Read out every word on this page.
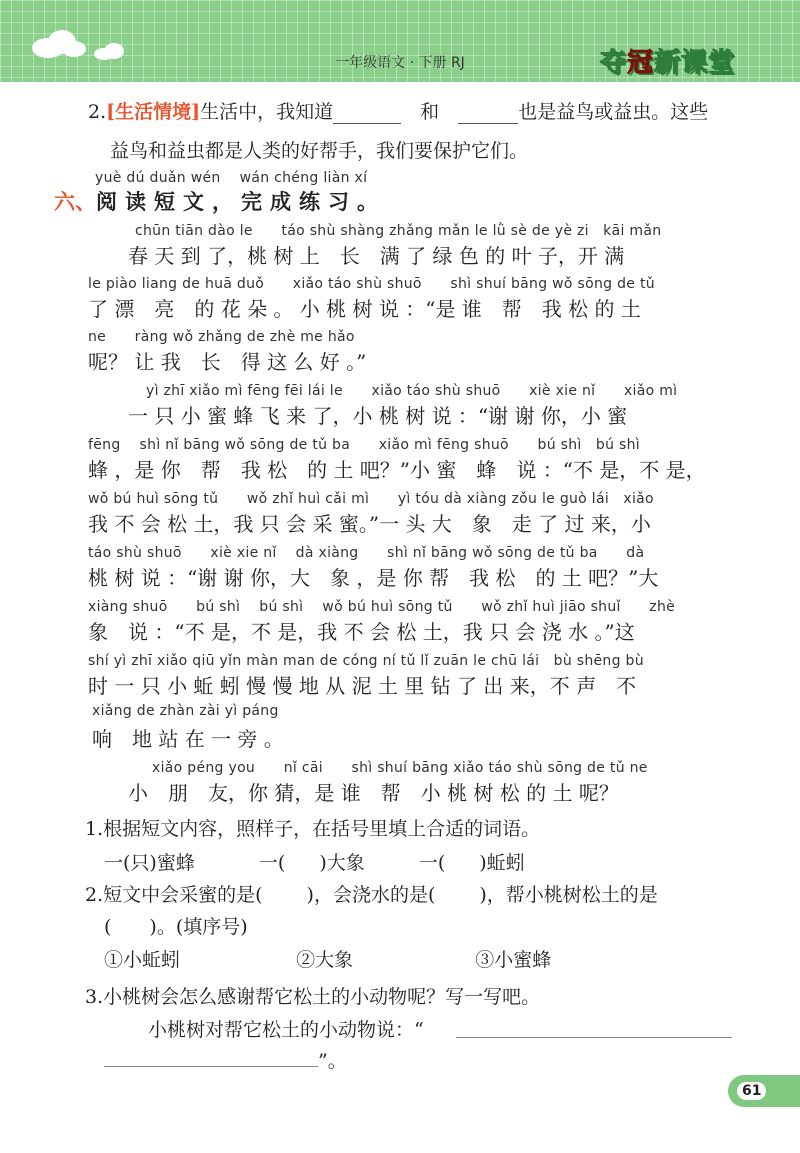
一年级语文 · 下册 RJ	夺冠新课堂
2.[生活情境]生活中，我知道　	和　	也是益鸟或益虫。这些
益鸟和益虫都是人类的好帮手，我们要保护它们。
yuè dú duǎn wén　 wán chéng liàn xí
六、阅读短文，完成练习。
chūn tiān dào le　　táo shù shàng zhǎng mǎn le lǜ sè de yè zi　kāi mǎn
　　春 天 到 了，桃 树 上　长　满 了 绿 色 的 叶 子，开 满
le piào liang de huā duǒ　　xiǎo táo shù shuō　　shì shuí bāng wǒ sōng de tǔ
了 漂　亮　的 花 朵 。 小 桃 树 说 ：“是 谁　帮　我 松 的 土
ne　　ràng wǒ zhǎng de zhè me hǎo
呢？ 让 我　长　得 这 么 好 。”
yì zhī xiǎo mì fēng fēi lái le　　xiǎo táo shù shuō　　xiè xie nǐ　　xiǎo mì
　　一 只 小 蜜 蜂 飞 来 了，小 桃 树 说 ：“谢 谢 你，小 蜜
fēng　 shì nǐ bāng wǒ sōng de tǔ ba　　xiǎo mì fēng shuō　　bú shì　bú shì
蜂 ，是 你　帮　我 松　的 土 吧？”小 蜜　蜂　说 ：“不 是，不 是，
wǒ bú huì sōng tǔ　　wǒ zhǐ huì cǎi mì　　yì tóu dà xiàng zǒu le guò lái　xiǎo
我 不 会 松 土，我 只 会 采 蜜。”一 头 大　象　走 了 过 来，小
táo shù shuō　　xiè xie nǐ　 dà xiàng　　shì nǐ bāng wǒ sōng de tǔ ba　　dà
桃 树 说 ：“谢 谢 你，大　象 ，是 你 帮　我 松　的 土 吧？”大
xiàng shuō　　bú shì　 bú shì　 wǒ bú huì sōng tǔ　　wǒ zhǐ huì jiāo shuǐ　　zhè
象　说 ：“不 是，不 是，我 不 会 松 土，我 只 会 浇 水 。”这
shí yì zhī xiǎo qiū yǐn màn man de cóng ní tǔ lǐ zuān le chū lái　bù shēng bù
时 一 只 小 蚯 蚓 慢 慢 地 从 泥 土 里 钻 了 出 来，不 声　不
xiǎng de zhàn zài yì páng
响　地 站 在 一 旁 。
xiǎo péng you　　nǐ cāi　　shì shuí bāng xiǎo táo shù sōng de tǔ ne
　　小　朋　友，你 猜，是 谁　帮　小 桃 树 松 的 土 呢？
1.根据短文内容，照样子，在括号里填上合适的词语。
一(只)蜜蜂	一( )大象	一( )蚯蚓
2.短文中会采蜜的是( )，会浇水的是( )，帮小桃树松土的是
(　　)。(填序号)
①小蚯蚓	②大象	③小蜜蜂
3.小桃树会怎么感谢帮它松土的小动物呢？写一写吧。
小桃树对帮它松土的小动物说：“
”。
61
